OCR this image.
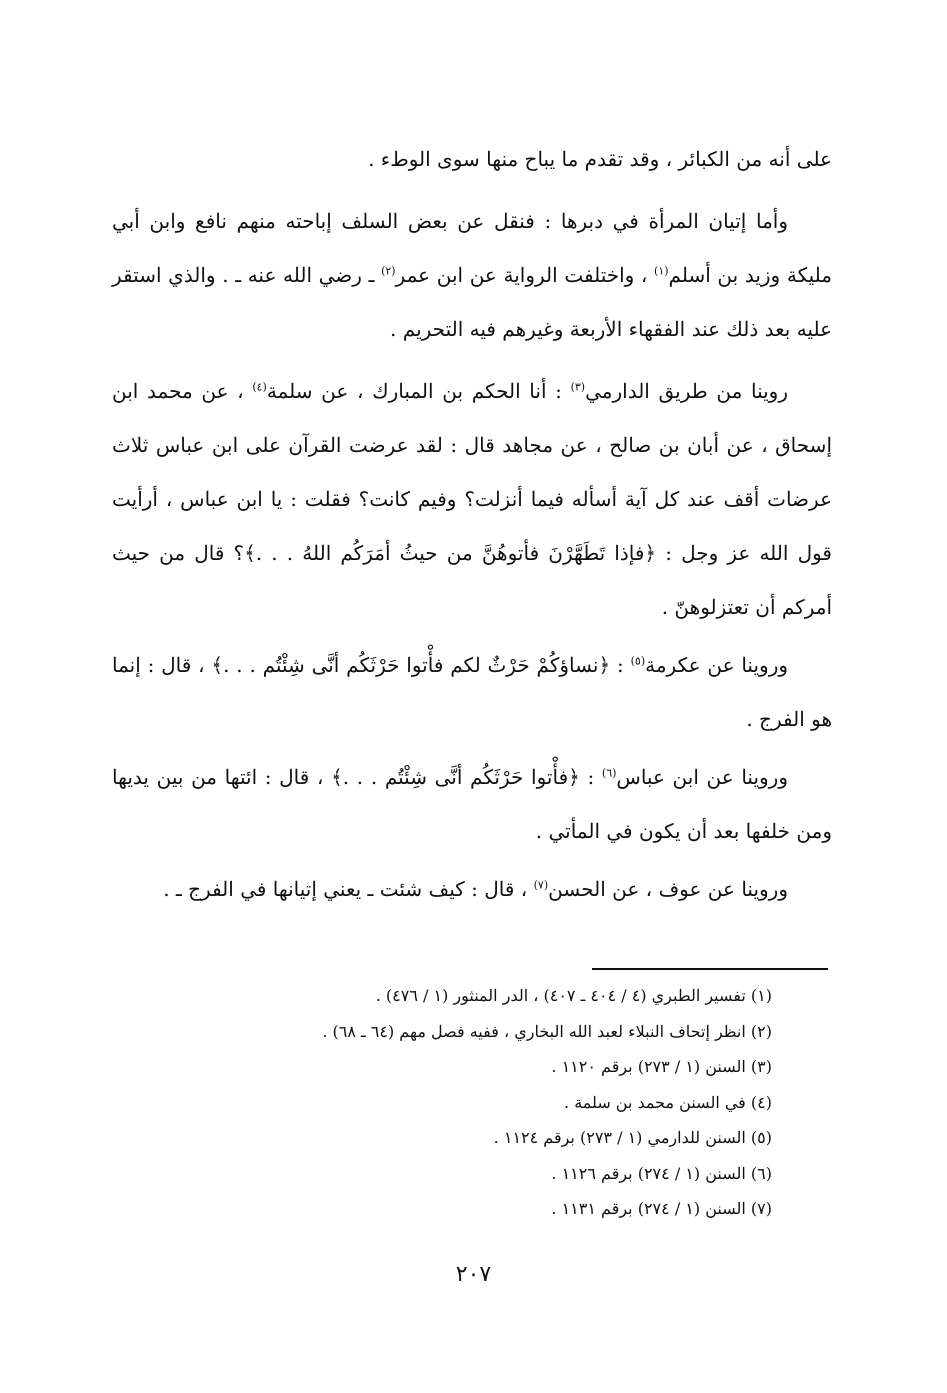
على أنه من الكبائر ، وقد تقدم ما يباح منها سوى الوطء .

وأما إتيان المرأة في دبرها : فنقل عن بعض السلف إباحته منهم نافع وابن أبي مليكة وزيد بن أسلم$^{(١)}$ ، واختلفت الرواية عن ابن عمر$^{(٢)}$ ـ رضي الله عنه ـ . والذي استقر عليه بعد ذلك عند الفقهاء الأربعة وغيرهم فيه التحريم .

روينا من طريق الدارمي$^{(٣)}$ : أنا الحكم بن المبارك ، عن سلمة$^{(٤)}$ ، عن محمد ابن إسحاق ، عن أبان بن صالح ، عن مجاهد قال : لقد عرضت القرآن على ابن عباس ثلاث عرضات أقف عند كل آية أسأله فيما أنزلت؟ وفيم كانت؟ فقلت : يا ابن عباس ، أرأيت قول الله عز وجل : ﴿فإذا تَطَهَّرْنَ فأتوهُنَّ من حيثُ أمَرَكُم اللهُ . . .﴾؟ قال من حيث أمركم أن تعتزلوهنّ .

وروينا عن عكرمة$^{(٥)}$ : ﴿نساؤكُمْ حَرْثٌ لكم فأْتوا حَرْثَكُم أنَّى شِئْتُم . . .﴾ ، قال : إنما هو الفرج .

وروينا عن ابن عباس$^{(٦)}$ : ﴿فأْتوا حَرْثَكُم أنَّى شِئْتُم . . .﴾ ، قال : ائتها من بين يديها ومن خلفها بعد أن يكون في المأتي .

وروينا عن عوف ، عن الحسن$^{(٧)}$ ، قال : كيف شئت ـ يعني إتيانها في الفرج ـ .

(١) تفسير الطبري (٤ / ٤٠٤ ـ ٤٠٧) ، الدر المنثور (١ / ٤٧٦) .
(٢) انظر إتحاف النبلاء لعبد الله البخاري ، ففيه فصل مهم (٦٤ ـ ٦٨) .
(٣) السنن (١ / ٢٧٣) برقم ١١٢٠ .
(٤) في السنن محمد بن سلمة .
(٥) السنن للدارمي (١ / ٢٧٣) برقم ١١٢٤ .
(٦) السنن (١ / ٢٧٤) برقم ١١٢٦ .
(٧) السنن (١ / ٢٧٤) برقم ١١٣١ .
٢٠٧
